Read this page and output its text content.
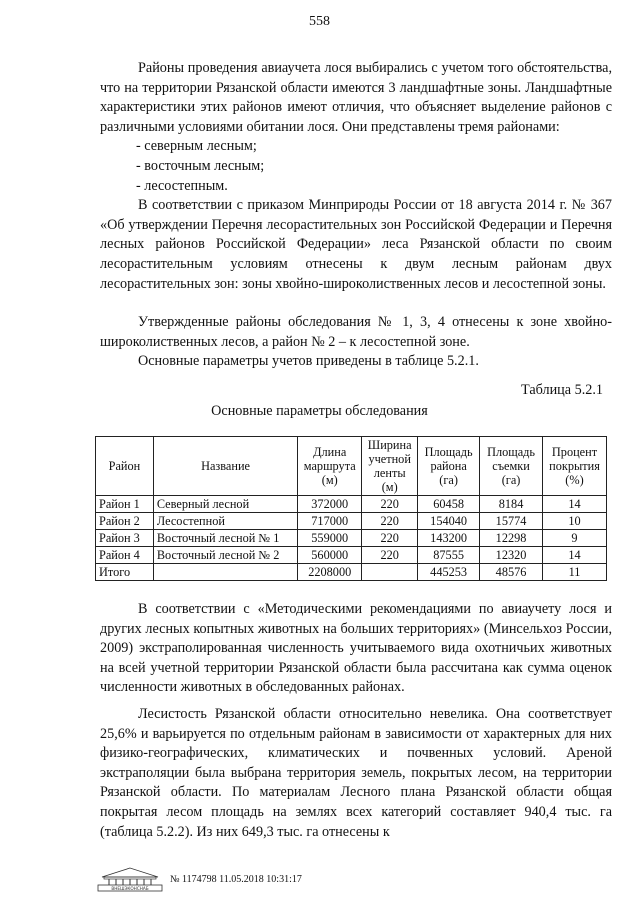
558

Районы проведения авиаучета лося выбирались с учетом того обстоятельства, что на территории Рязанской области имеются 3 ландшафтные зоны. Ландшафтные характеристики этих районов имеют отличия, что объясняет выделение районов с различными условиями обитании лося. Они представлены тремя районами:

- северным лесным;

- восточным лесным;

- лесостепным.

В соответствии с приказом Минприроды России от 18 августа 2014 г. № 367 «Об утверждении Перечня лесорастительных зон Российской Федерации и Перечня лесных районов Российской Федерации» леса Рязанской области по своим лесорастительным условиям отнесены к двум лесным районам двух лесорастительных зон: зоны хвойно-широколиственных лесов и лесостепной зоны.

Утвержденные районы обследования № 1, 3, 4 отнесены к зоне хвойно-широколиственных лесов, а район № 2 – к лесостепной зоне.

Основные параметры учетов приведены в таблице 5.2.1.

Таблица 5.2.1
Основные параметры обследования
Район	Название	Длина маршрута (м)	Ширина учетной ленты (м)	Площадь района (га)	Площадь съемки (га)	Процент покрытия (%)
Район 1	Северный лесной	372000	220	60458	8184	14
Район 2	Лесостепной	717000	220	154040	15774	10
Район 3	Восточный лесной № 1	559000	220	143200	12298	9
Район 4	Восточный лесной № 2	560000	220	87555	12320	14
Итого		2208000		445253	48576	11

В соответствии с «Методическими рекомендациями по авиаучету лося и других лесных копытных животных на больших территориях» (Минсельхоз России, 2009) экстраполированная численность учитываемого вида охотничьих животных на всей учетной территории Рязанской области была рассчитана как сумма оценок численности животных в обследованных районах.

Лесистость Рязанской области относительно невелика. Она соответствует 25,6% и варьируется по отдельным районам в зависимости от характерных для них физико-географических, климатических и почвенных условий. Ареной экстраполяции была выбрана территория земель, покрытых лесом, на территории Рязанской области. По материалам Лесного плана Рязанской области общая покрытая лесом площадь на землях всех категорий составляет 940,4 тыс. га (таблица 5.2.2). Из них 649,3 тыс. га отнесены к

ВНЕШЭКОНСНАБ
№ 1174798 11.05.2018 10:31:17
